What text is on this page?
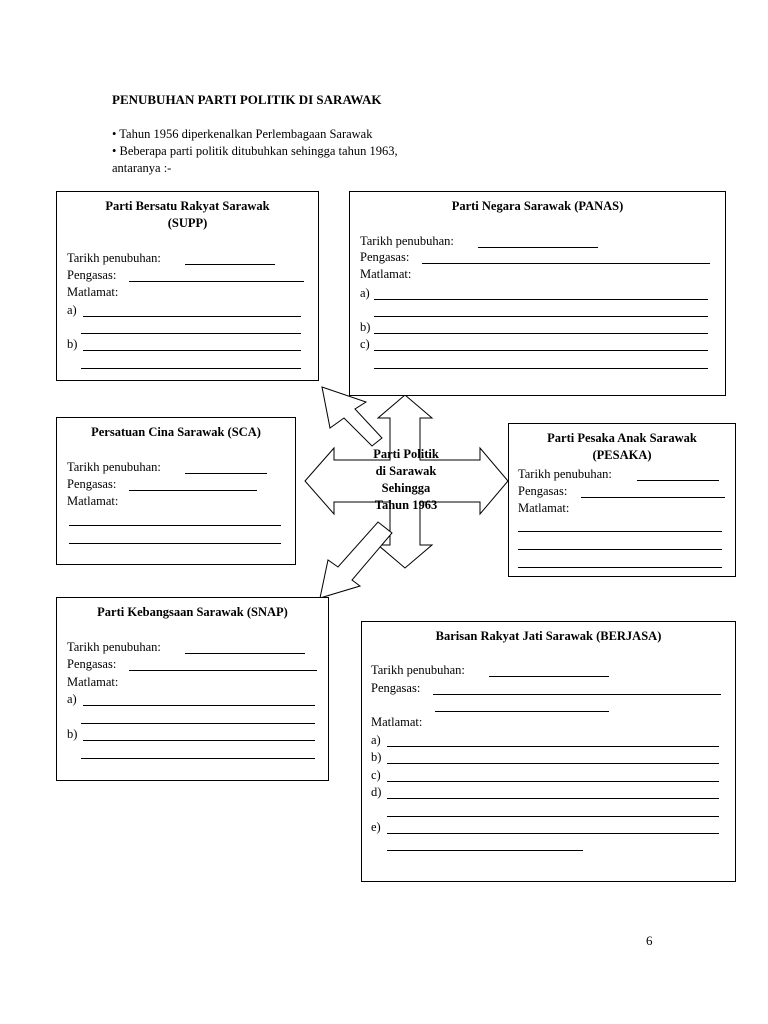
PENUBUHAN PARTI POLITIK DI SARAWAK
• Tahun 1956 diperkenalkan Perlembagaan Sarawak
• Beberapa parti politik ditubuhkan sehingga tahun 1963,
antaranya :-
Parti Politik
di Sarawak
Sehingga
Tahun 1963
Parti Bersatu Rakyat Sarawak
(SUPP)
Tarikh penubuhan:
Pengasas:
Matlamat:
a)
b)
Parti Negara Sarawak (PANAS)
Tarikh penubuhan:
Pengasas:
Matlamat:
a)
b)
c)
Persatuan Cina Sarawak (SCA)
Tarikh penubuhan:
Pengasas:
Matlamat:
Parti Pesaka Anak Sarawak
(PESAKA)
Tarikh penubuhan:
Pengasas:
Matlamat:
Parti Kebangsaan Sarawak (SNAP)
Tarikh penubuhan:
Pengasas:
Matlamat:
a)
b)
Barisan Rakyat Jati Sarawak (BERJASA)
Tarikh penubuhan:
Pengasas:
Matlamat:
a)
b)
c)
d)
e)
6
